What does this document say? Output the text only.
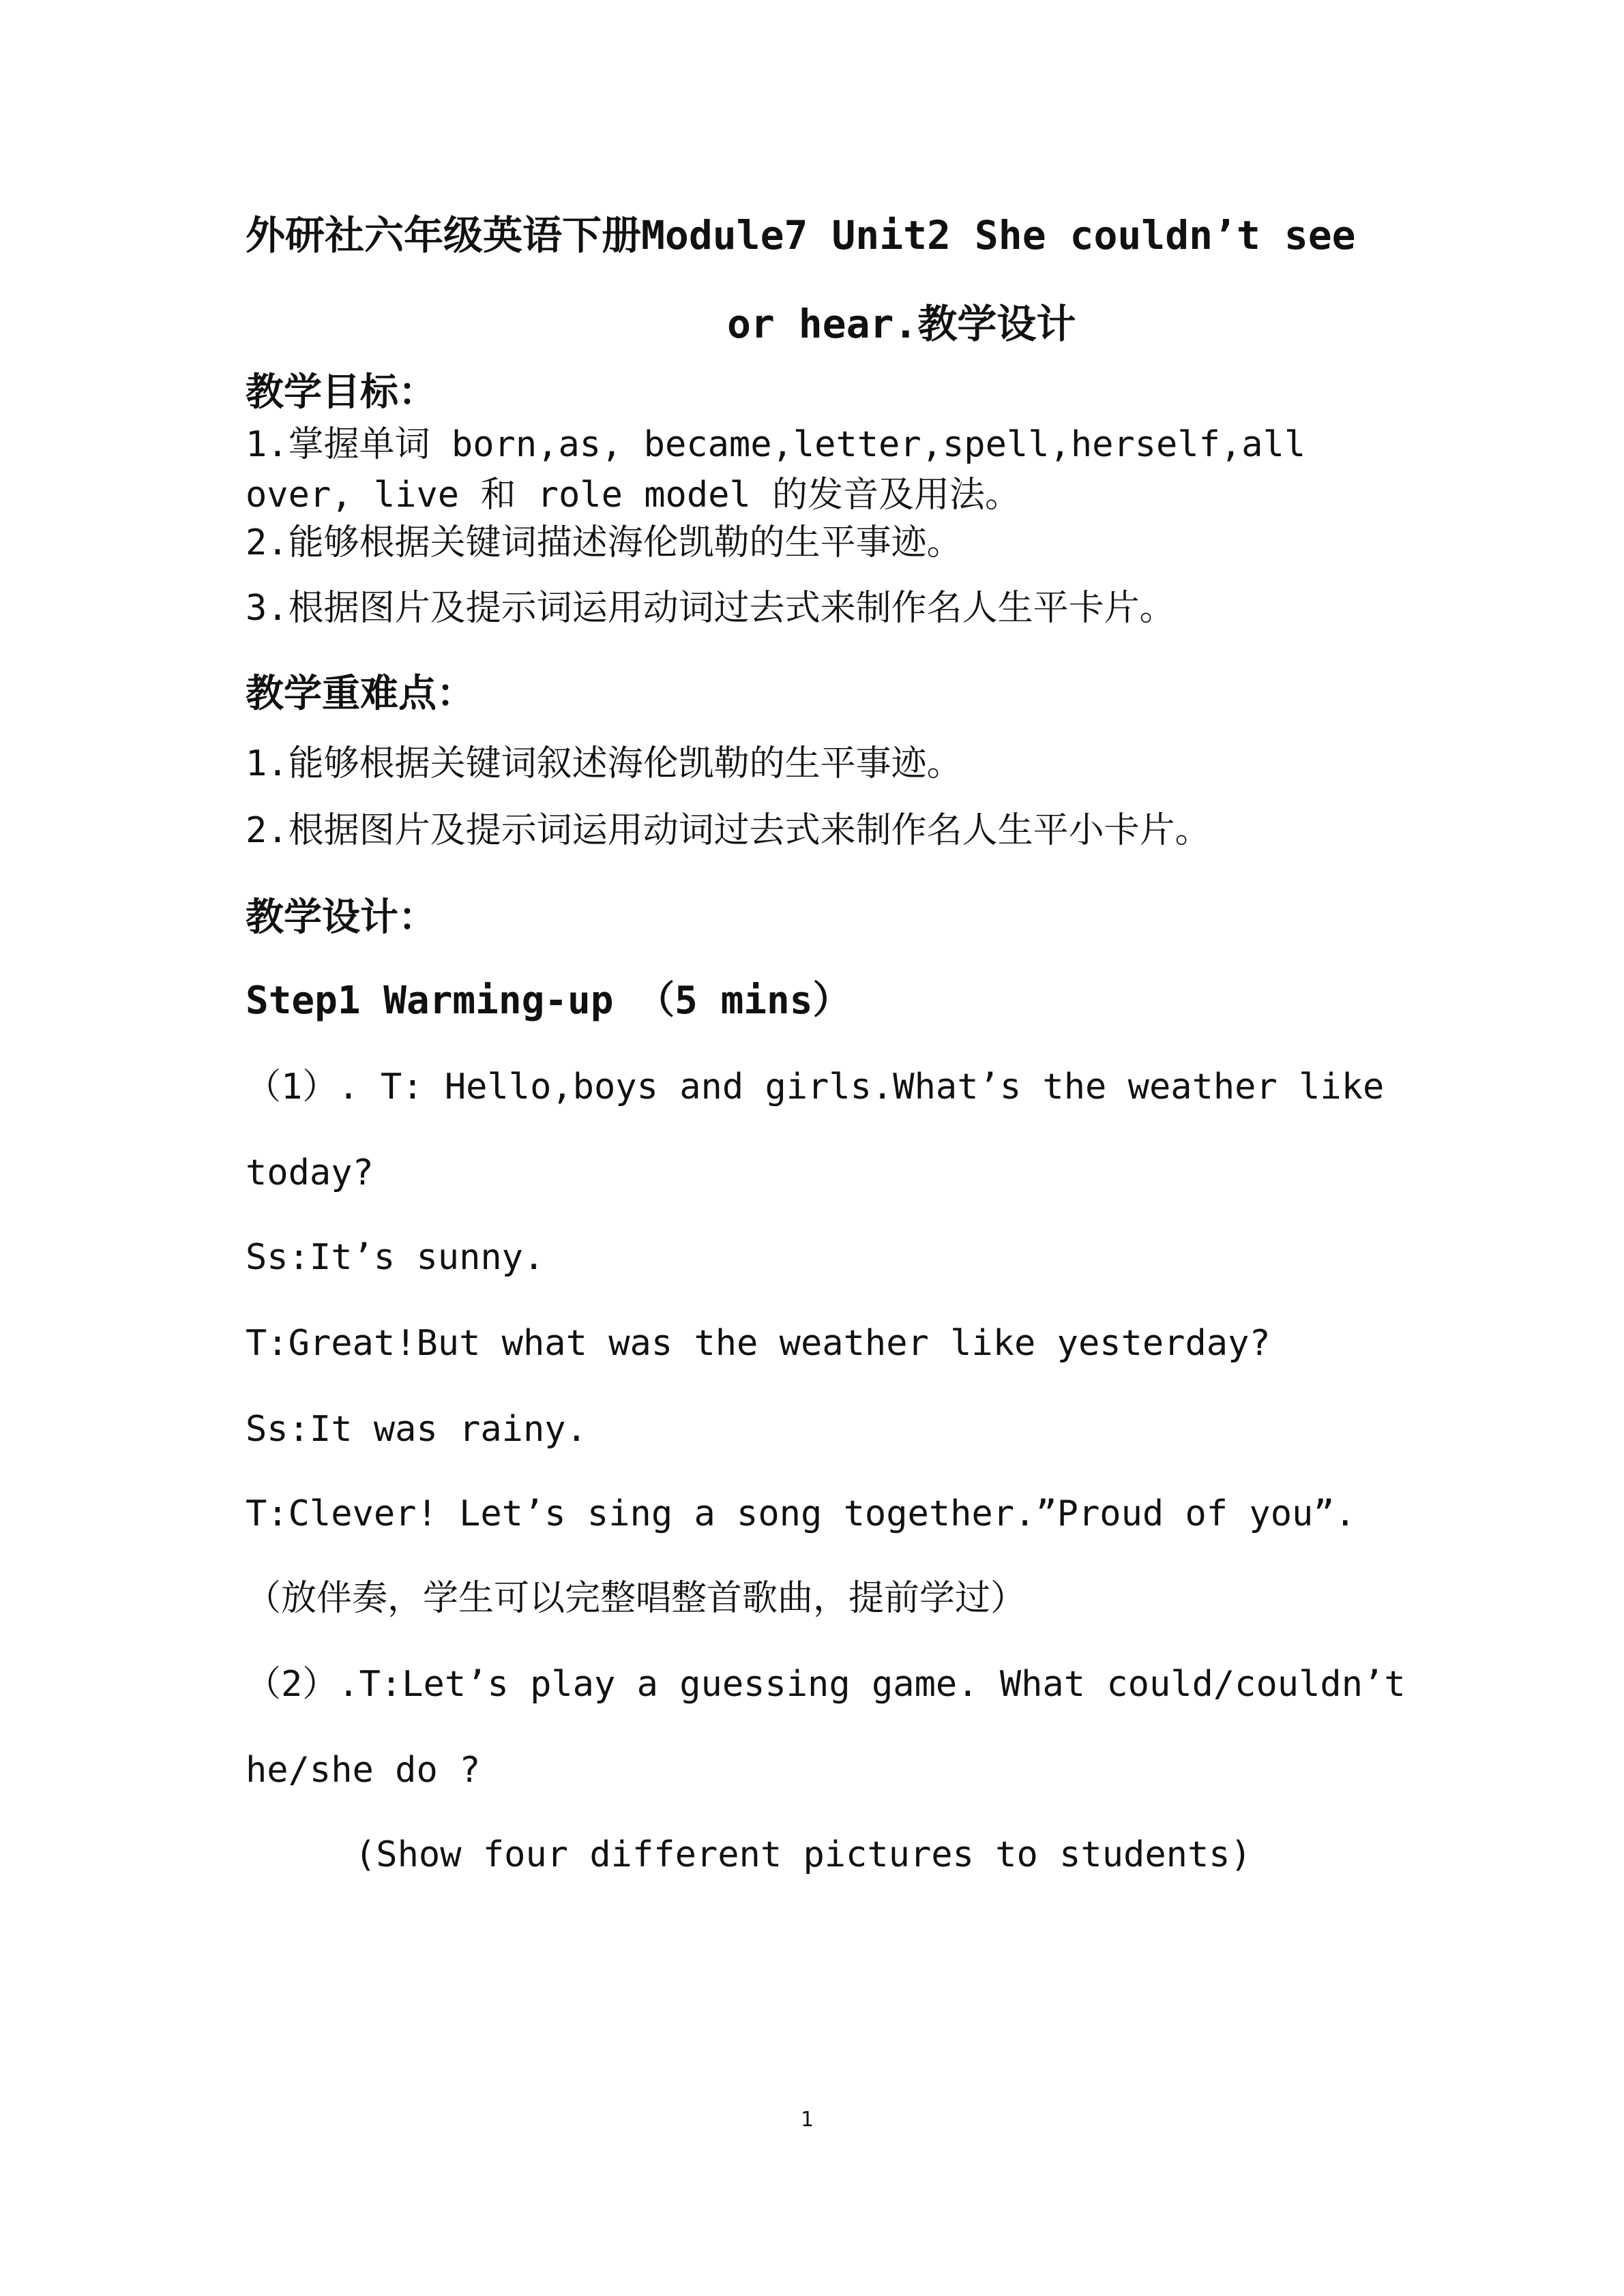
外研社六年级英语下册Module7 Unit2 She couldn’t see
or hear.教学设计
教学目标：
1.掌握单词 born,as, became,letter,spell,herself,all
over, live 和 role model 的发音及用法。
2.能够根据关键词描述海伦凯勒的生平事迹。
3.根据图片及提示词运用动词过去式来制作名人生平卡片。
教学重难点：
1.能够根据关键词叙述海伦凯勒的生平事迹。
2.根据图片及提示词运用动词过去式来制作名人生平小卡片。
教学设计：
Step1 Warming-up （5 mins）
（1）. T: Hello,boys and girls.What’s the weather like
today?
Ss:It’s sunny.
T:Great!But what was the weather like yesterday?
Ss:It was rainy.
T:Clever! Let’s sing a song together.”Proud of you”.
（放伴奏，学生可以完整唱整首歌曲，提前学过）
（2）.T:Let’s play a guessing game. What could/couldn’t
he/she do ?
(Show four different pictures to students)
1
